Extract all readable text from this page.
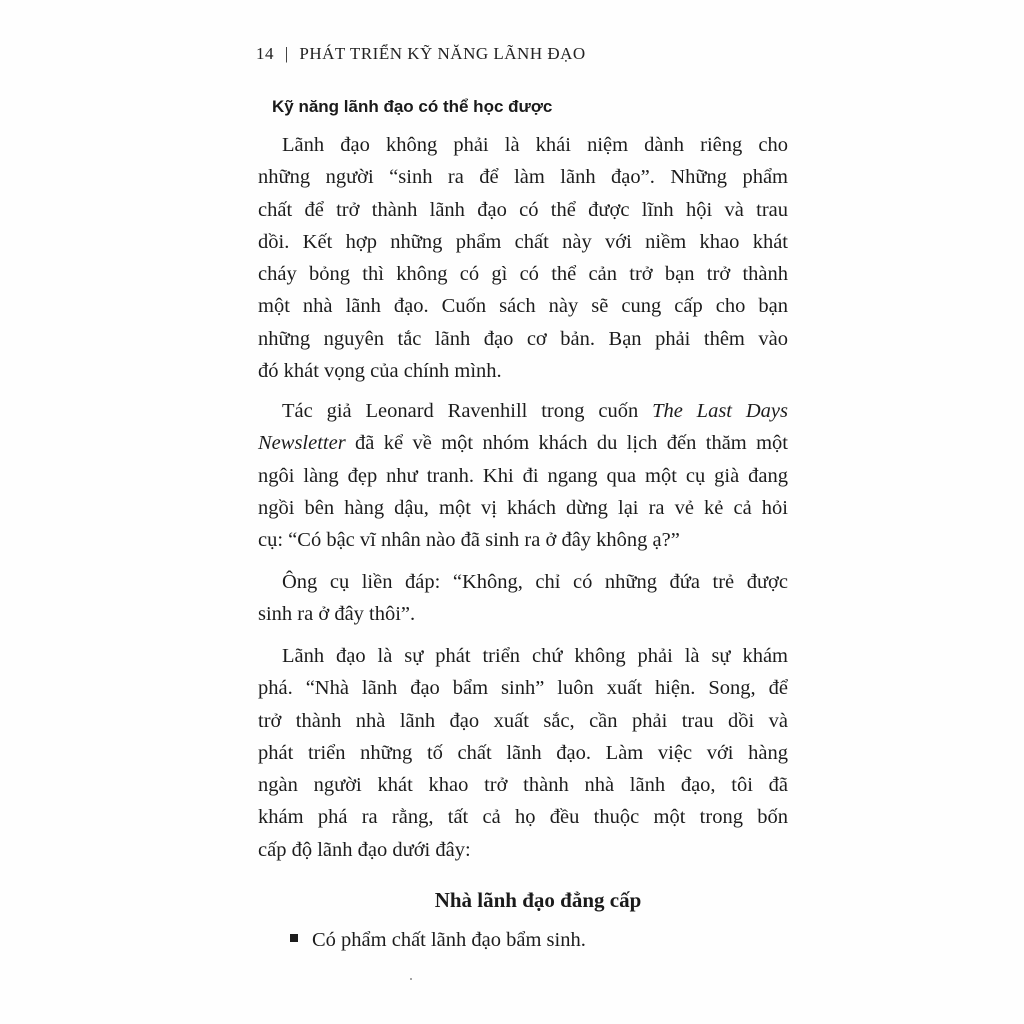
14 | PHÁT TRIỂN KỸ NĂNG LÃNH ĐẠO
Kỹ năng lãnh đạo có thể học được
Lãnh đạo không phải là khái niệm dành riêng cho
những người “sinh ra để làm lãnh đạo”. Những phẩm
chất để trở thành lãnh đạo có thể được lĩnh hội và trau
dồi. Kết hợp những phẩm chất này với niềm khao khát
cháy bỏng thì không có gì có thể cản trở bạn trở thành
một nhà lãnh đạo. Cuốn sách này sẽ cung cấp cho bạn
những nguyên tắc lãnh đạo cơ bản. Bạn phải thêm vào
đó khát vọng của chính mình.
Tác giả Leonard Ravenhill trong cuốn The Last Days
Newsletter đã kể về một nhóm khách du lịch đến thăm một
ngôi làng đẹp như tranh. Khi đi ngang qua một cụ già đang
ngồi bên hàng dậu, một vị khách dừng lại ra vẻ kẻ cả hỏi
cụ: “Có bậc vĩ nhân nào đã sinh ra ở đây không ạ?”
Ông cụ liền đáp: “Không, chỉ có những đứa trẻ được
sinh ra ở đây thôi”.
Lãnh đạo là sự phát triển chứ không phải là sự khám
phá. “Nhà lãnh đạo bẩm sinh” luôn xuất hiện. Song, để
trở thành nhà lãnh đạo xuất sắc, cần phải trau dồi và
phát triển những tố chất lãnh đạo. Làm việc với hàng
ngàn người khát khao trở thành nhà lãnh đạo, tôi đã
khám phá ra rằng, tất cả họ đều thuộc một trong bốn
cấp độ lãnh đạo dưới đây:
Nhà lãnh đạo đẳng cấp
Có phẩm chất lãnh đạo bẩm sinh.
